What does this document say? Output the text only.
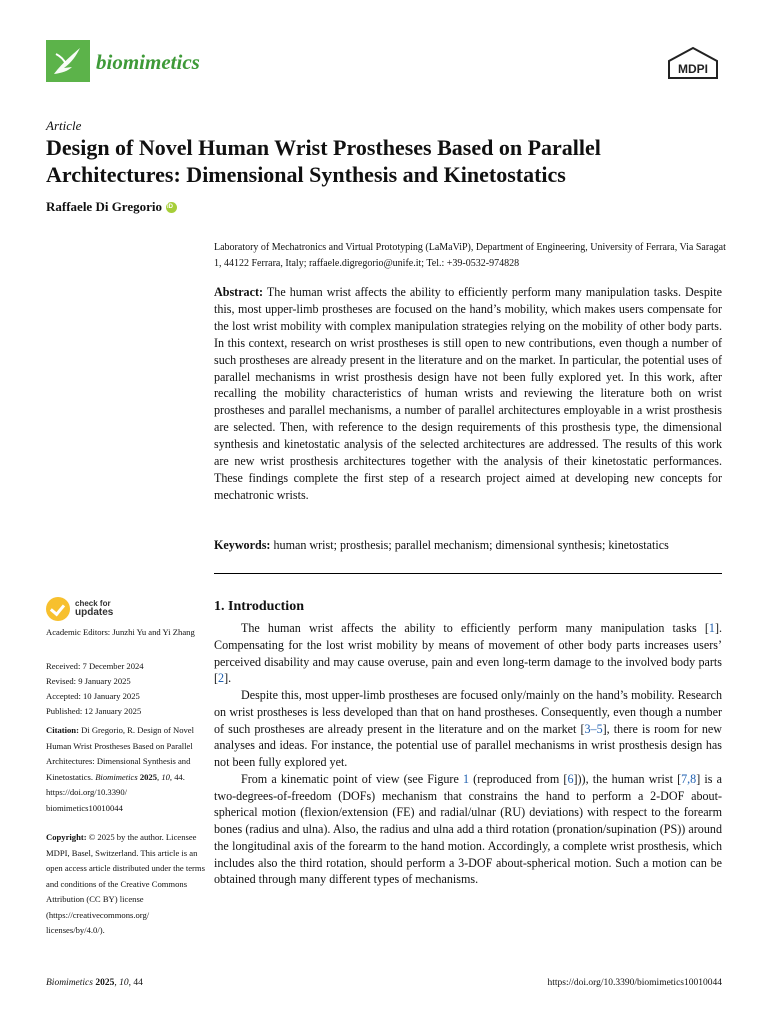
biomimetics	MDPI
Article
Design of Novel Human Wrist Prostheses Based on Parallel Architectures: Dimensional Synthesis and Kinetostatics
Raffaele Di Gregorio
iD
Laboratory of Mechatronics and Virtual Prototyping (LaMaViP), Department of Engineering, University of Ferrara, Via Saragat 1, 44122 Ferrara, Italy; raffaele.digregorio@unife.it; Tel.: +39-0532-974828
Abstract: The human wrist affects the ability to efficiently perform many manipulation tasks. Despite this, most upper-limb prostheses are focused on the hand’s mobility, which makes users compensate for the lost wrist mobility with complex manipulation strategies relying on the mobility of other body parts. In this context, research on wrist prostheses is still open to new contributions, even though a number of such prostheses are already present in the literature and on the market. In particular, the potential uses of parallel mechanisms in wrist prosthesis design have not been fully explored yet. In this work, after recalling the mobility characteristics of human wrists and reviewing the literature both on wrist prostheses and parallel mechanisms, a number of parallel architectures employable in a wrist prosthesis are selected. Then, with reference to the design requirements of this prosthesis type, the dimensional synthesis and kinetostatic analysis of the selected architectures are addressed. The results of this work are new wrist prosthesis architectures together with the analysis of their kinetostatic performances. These findings complete the first step of a research project aimed at developing new concepts for mechatronic wrists.
Keywords: human wrist; prosthesis; parallel mechanism; dimensional synthesis; kinetostatics
check for
updates
Academic Editors: Junzhi Yu and Yi Zhang
Received: 7 December 2024
Revised: 9 January 2025
Accepted: 10 January 2025
Published: 12 January 2025
Citation: Di Gregorio, R. Design of Novel Human Wrist Prostheses Based on Parallel Architectures: Dimensional Synthesis and Kinetostatics. Biomimetics 2025, 10, 44. https://doi.org/10.3390/ biomimetics10010044
Copyright: © 2025 by the author. Licensee MDPI, Basel, Switzerland. This article is an open access article distributed under the terms and conditions of the Creative Commons Attribution (CC BY) license (https://creativecommons.org/ licenses/by/4.0/).
1. Introduction

The human wrist affects the ability to efficiently perform many manipulation tasks [1]. Compensating for the lost wrist mobility by means of movement of other body parts increases users’ perceived disability and may cause overuse, pain and even long-term damage to the involved body parts [2].

Despite this, most upper-limb prostheses are focused only/mainly on the hand’s mobility. Research on wrist prostheses is less developed than that on hand prostheses. Consequently, even though a number of such prostheses are already present in the literature and on the market [3–5], there is room for new analyses and ideas. For instance, the potential use of parallel mechanisms in wrist prosthesis design has not been fully explored yet.

From a kinematic point of view (see Figure 1 (reproduced from [6])), the human wrist [7,8] is a two-degrees-of-freedom (DOFs) mechanism that constrains the hand to perform a 2-DOF about-spherical motion (flexion/extension (FE) and radial/ulnar (RU) deviations) with respect to the forearm bones (radius and ulna). Also, the radius and ulna add a third rotation (pronation/supination (PS)) around the longitudinal axis of the forearm to the hand motion. Accordingly, a complete wrist prosthesis, which includes also the third rotation, should perform a 3-DOF about-spherical motion. Such a motion can be obtained through many different types of mechanisms.

Biomimetics 2025, 10, 44	https://doi.org/10.3390/biomimetics10010044
